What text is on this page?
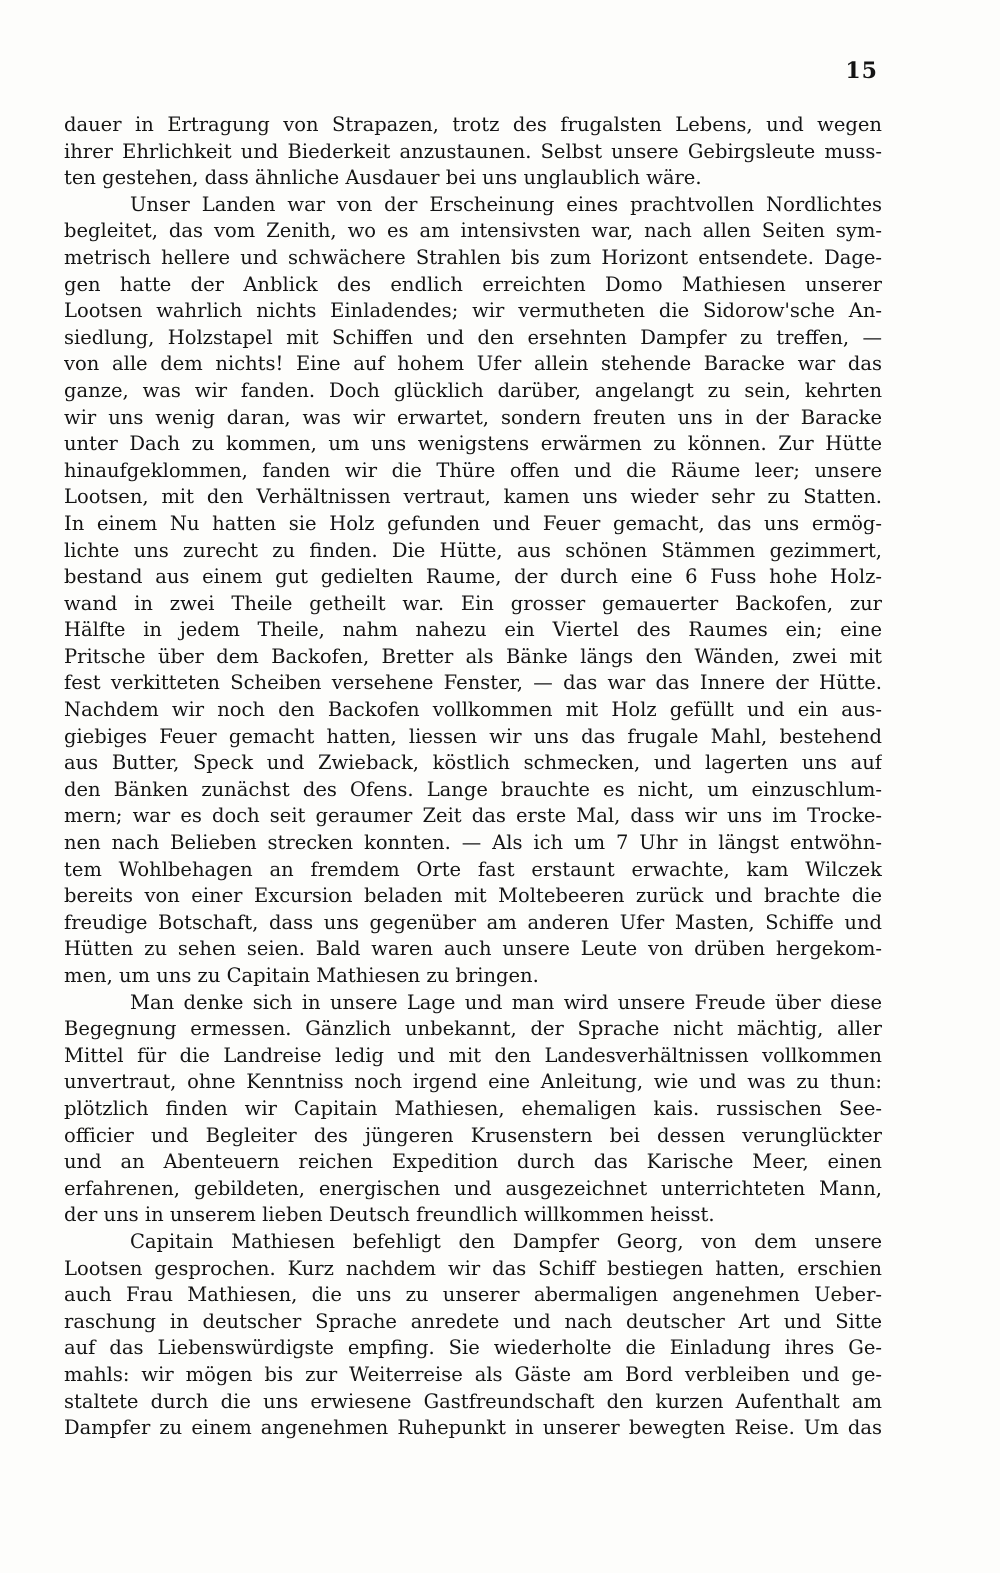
15
dauer in Ertragung von Strapazen, trotz des frugalsten Lebens, und wegen
ihrer Ehrlichkeit und Biederkeit anzustaunen. Selbst unsere Gebirgsleute muss-
ten gestehen, dass ähnliche Ausdauer bei uns unglaublich wäre.
Unser Landen war von der Erscheinung eines prachtvollen Nordlichtes
begleitet, das vom Zenith, wo es am intensivsten war, nach allen Seiten sym-
metrisch hellere und schwächere Strahlen bis zum Horizont entsendete. Dage-
gen hatte der Anblick des endlich erreichten Domo Mathiesen unserer
Lootsen wahrlich nichts Einladendes; wir vermutheten die Sidorow'sche An-
siedlung, Holzstapel mit Schiffen und den ersehnten Dampfer zu treffen, —
von alle dem nichts! Eine auf hohem Ufer allein stehende Baracke war das
ganze, was wir fanden. Doch glücklich darüber, angelangt zu sein, kehrten
wir uns wenig daran, was wir erwartet, sondern freuten uns in der Baracke
unter Dach zu kommen, um uns wenigstens erwärmen zu können. Zur Hütte
hinaufgeklommen, fanden wir die Thüre offen und die Räume leer; unsere
Lootsen, mit den Verhältnissen vertraut, kamen uns wieder sehr zu Statten.
In einem Nu hatten sie Holz gefunden und Feuer gemacht, das uns ermög-
lichte uns zurecht zu finden. Die Hütte, aus schönen Stämmen gezimmert,
bestand aus einem gut gedielten Raume, der durch eine 6 Fuss hohe Holz-
wand in zwei Theile getheilt war. Ein grosser gemauerter Backofen, zur
Hälfte in jedem Theile, nahm nahezu ein Viertel des Raumes ein; eine
Pritsche über dem Backofen, Bretter als Bänke längs den Wänden, zwei mit
fest verkitteten Scheiben versehene Fenster, — das war das Innere der Hütte.
Nachdem wir noch den Backofen vollkommen mit Holz gefüllt und ein aus-
giebiges Feuer gemacht hatten, liessen wir uns das frugale Mahl, bestehend
aus Butter, Speck und Zwieback, köstlich schmecken, und lagerten uns auf
den Bänken zunächst des Ofens. Lange brauchte es nicht, um einzuschlum-
mern; war es doch seit geraumer Zeit das erste Mal, dass wir uns im Trocke-
nen nach Belieben strecken konnten. — Als ich um 7 Uhr in längst entwöhn-
tem Wohlbehagen an fremdem Orte fast erstaunt erwachte, kam Wilczek
bereits von einer Excursion beladen mit Moltebeeren zurück und brachte die
freudige Botschaft, dass uns gegenüber am anderen Ufer Masten, Schiffe und
Hütten zu sehen seien. Bald waren auch unsere Leute von drüben hergekom-
men, um uns zu Capitain Mathiesen zu bringen.
Man denke sich in unsere Lage und man wird unsere Freude über diese
Begegnung ermessen. Gänzlich unbekannt, der Sprache nicht mächtig, aller
Mittel für die Landreise ledig und mit den Landesverhältnissen vollkommen
unvertraut, ohne Kenntniss noch irgend eine Anleitung, wie und was zu thun:
plötzlich finden wir Capitain Mathiesen, ehemaligen kais. russischen See-
officier und Begleiter des jüngeren Krusenstern bei dessen verunglückter
und an Abenteuern reichen Expedition durch das Karische Meer, einen
erfahrenen, gebildeten, energischen und ausgezeichnet unterrichteten Mann,
der uns in unserem lieben Deutsch freundlich willkommen heisst.
Capitain Mathiesen befehligt den Dampfer Georg, von dem unsere
Lootsen gesprochen. Kurz nachdem wir das Schiff bestiegen hatten, erschien
auch Frau Mathiesen, die uns zu unserer abermaligen angenehmen Ueber-
raschung in deutscher Sprache anredete und nach deutscher Art und Sitte
auf das Liebenswürdigste empfing. Sie wiederholte die Einladung ihres Ge-
mahls: wir mögen bis zur Weiterreise als Gäste am Bord verbleiben und ge-
staltete durch die uns erwiesene Gastfreundschaft den kurzen Aufenthalt am
Dampfer zu einem angenehmen Ruhepunkt in unserer bewegten Reise. Um das
